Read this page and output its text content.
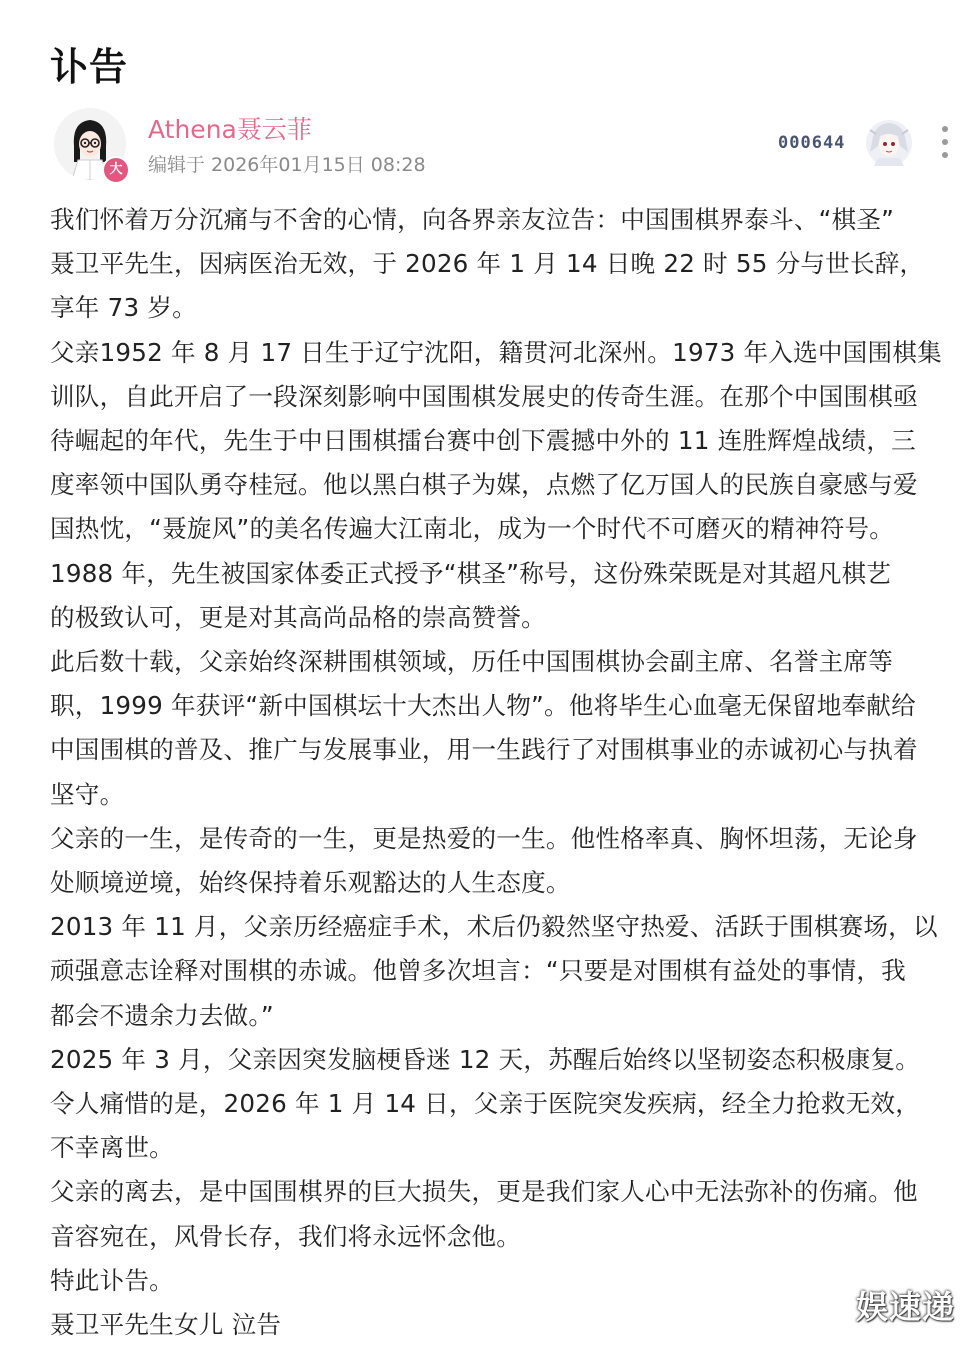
讣告
大
Athena聂云菲
编辑于 2026年01月15日 08:28
000644

我们怀着万分沉痛与不舍的心情，向各界亲友泣告：中国围棋界泰斗、“棋圣”

聂卫平先生，因病医治无效，于 2026 年 1 月 14 日晚 22 时 55 分与世长辞，

享年 73 岁。

父亲1952 年 8 月 17 日生于辽宁沈阳，籍贯河北深州。1973 年入选中国围棋集

训队，自此开启了一段深刻影响中国围棋发展史的传奇生涯。在那个中国围棋亟

待崛起的年代，先生于中日围棋擂台赛中创下震撼中外的 11 连胜辉煌战绩，三

度率领中国队勇夺桂冠。他以黑白棋子为媒，点燃了亿万国人的民族自豪感与爱

国热忱，“聂旋风”的美名传遍大江南北，成为一个时代不可磨灭的精神符号。

1988 年，先生被国家体委正式授予“棋圣”称号，这份殊荣既是对其超凡棋艺

的极致认可，更是对其高尚品格的崇高赞誉。

此后数十载，父亲始终深耕围棋领域，历任中国围棋协会副主席、名誉主席等

职，1999 年获评“新中国棋坛十大杰出人物”。他将毕生心血毫无保留地奉献给

中国围棋的普及、推广与发展事业，用一生践行了对围棋事业的赤诚初心与执着

坚守。

父亲的一生，是传奇的一生，更是热爱的一生。他性格率真、胸怀坦荡，无论身

处顺境逆境，始终保持着乐观豁达的人生态度。

2013 年 11 月，父亲历经癌症手术，术后仍毅然坚守热爱、活跃于围棋赛场，以

顽强意志诠释对围棋的赤诚。他曾多次坦言：“只要是对围棋有益处的事情，我

都会不遗余力去做。”

2025 年 3 月，父亲因突发脑梗昏迷 12 天，苏醒后始终以坚韧姿态积极康复。

令人痛惜的是，2026 年 1 月 14 日，父亲于医院突发疾病，经全力抢救无效，

不幸离世。

父亲的离去，是中国围棋界的巨大损失，更是我们家人心中无法弥补的伤痛。他

音容宛在，风骨长存，我们将永远怀念他。

特此讣告。

聂卫平先生女儿 泣告	娱速递
